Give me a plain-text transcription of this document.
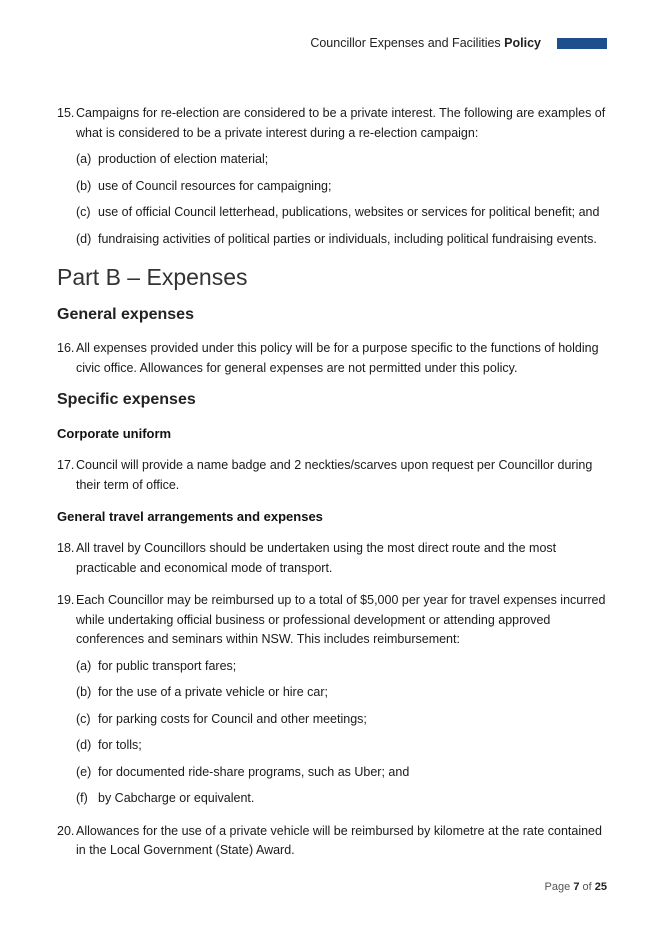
Councillor Expenses and Facilities Policy

15. Campaigns for re-election are considered to be a private interest. The following are examples of what is considered to be a private interest during a re-election campaign:

(a) production of election material;

(b) use of Council resources for campaigning;

(c) use of official Council letterhead, publications, websites or services for political benefit; and

(d) fundraising activities of political parties or individuals, including political fundraising events.

Part B – Expenses
General expenses

16. All expenses provided under this policy will be for a purpose specific to the functions of holding civic office. Allowances for general expenses are not permitted under this policy.

Specific expenses
Corporate uniform

17. Council will provide a name badge and 2 neckties/scarves upon request per Councillor during their term of office.

General travel arrangements and expenses

18. All travel by Councillors should be undertaken using the most direct route and the most practicable and economical mode of transport.

19. Each Councillor may be reimbursed up to a total of $5,000 per year for travel expenses incurred while undertaking official business or professional development or attending approved conferences and seminars within NSW. This includes reimbursement:

(a) for public transport fares;

(b) for the use of a private vehicle or hire car;

(c) for parking costs for Council and other meetings;

(d) for tolls;

(e) for documented ride-share programs, such as Uber; and

(f) by Cabcharge or equivalent.

20. Allowances for the use of a private vehicle will be reimbursed by kilometre at the rate contained in the Local Government (State) Award.

Page 7 of 25
